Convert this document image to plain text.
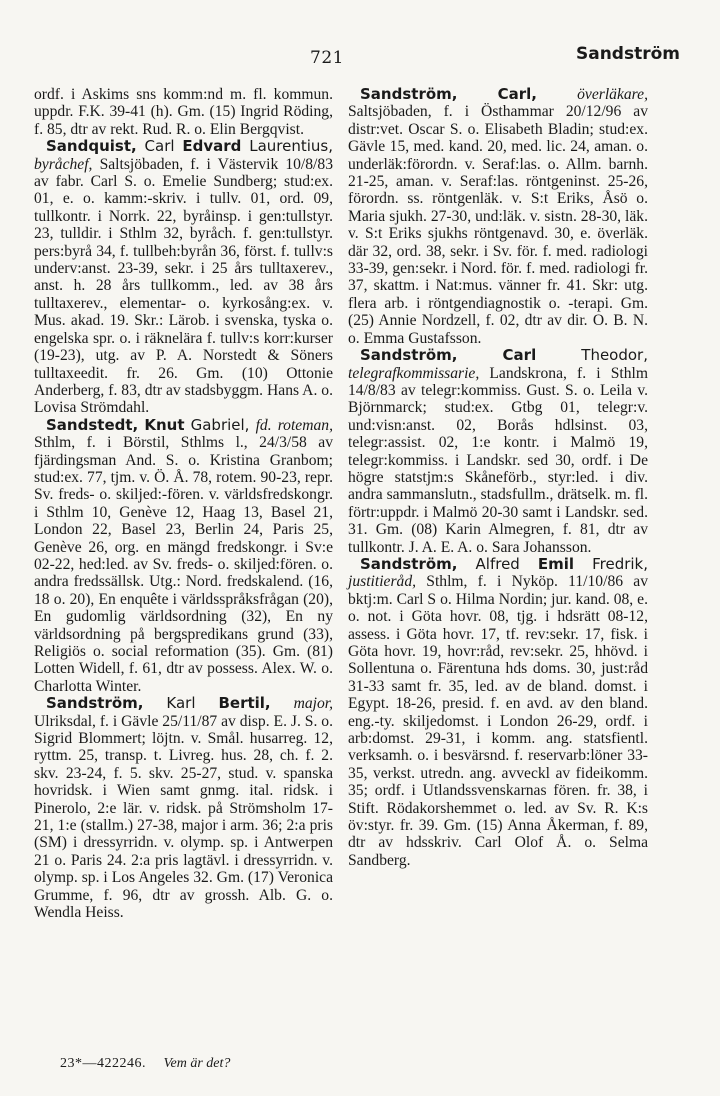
721	Sandström

ordf. i Askims sns komm:nd m. fl. kommun. uppdr. F.K. 39-41 (h). Gm. (15) Ingrid Röding, f. 85, dtr av rekt. Rud. R. o. Elin Bergqvist.

Sandquist, Carl Edvard Laurentius, byråchef, Saltsjöbaden, f. i Västervik 10/8/83 av fabr. Carl S. o. Emelie Sundberg; stud:ex. 01, e. o. kamm:-skriv. i tullv. 01, ord. 09, tullkontr. i Norrk. 22, byråinsp. i gen:tullstyr. 23, tulldir. i Sthlm 32, byråch. f. gen:tullstyr. pers:byrå 34, f. tullbeh:byrån 36, först. f. tullv:s underv:anst. 23-39, sekr. i 25 års tulltaxerev., anst. h. 28 års tullkomm., led. av 38 års tulltaxerev., elementar- o. kyrkosång:ex. v. Mus. akad. 19. Skr.: Lärob. i svenska, tyska o. engelska spr. o. i räknelära f. tullv:s korr:kurser (19-23), utg. av P. A. Norstedt & Söners tulltaxeedit. fr. 26. Gm. (10) Ottonie Anderberg, f. 83, dtr av stadsbyggm. Hans A. o. Lovisa Strömdahl.

Sandstedt, Knut Gabriel, fd. roteman, Sthlm, f. i Börstil, Sthlms l., 24/3/58 av fjärdingsman And. S. o. Kristina Granbom; stud:ex. 77, tjm. v. Ö. Å. 78, rotem. 90-23, repr. Sv. freds- o. skiljed:-fören. v. världsfredskongr. i Sthlm 10, Genève 12, Haag 13, Basel 21, London 22, Basel 23, Berlin 24, Paris 25, Genève 26, org. en mängd fredskongr. i Sv:e 02-22, hed:led. av Sv. freds- o. skiljed:fören. o. andra fredssällsk. Utg.: Nord. fredskalend. (16, 18 o. 20), En enquête i världsspråksfrågan (20), En gudomlig världsordning (32), En ny världsordning på bergspredikans grund (33), Religiös o. social reformation (35). Gm. (81) Lotten Widell, f. 61, dtr av possess. Alex. W. o. Charlotta Winter.

Sandström, Karl Bertil, major, Ulriksdal, f. i Gävle 25/11/87 av disp. E. J. S. o. Sigrid Blommert; löjtn. v. Smål. husarreg. 12, ryttm. 25, transp. t. Livreg. hus. 28, ch. f. 2. skv. 23-24, f. 5. skv. 25-27, stud. v. spanska hovridsk. i Wien samt gnmg. ital. ridsk. i Pinerolo, 2:e lär. v. ridsk. på Strömsholm 17-21, 1:e (stallm.) 27-38, major i arm. 36; 2:a pris (SM) i dressyrridn. v. olymp. sp. i Antwerpen 21 o. Paris 24. 2:a pris lagtävl. i dressyrridn. v. olymp. sp. i Los Angeles 32. Gm. (17) Veronica Grumme, f. 96, dtr av grossh. Alb. G. o. Wendla Heiss.

Sandström,	Carl,	överläkare, Saltsjöbaden, f. i Östhammar 20/12/96 av distr:vet. Oscar S. o. Elisabeth Bladin; stud:ex. Gävle 15, med. kand. 20, med. lic. 24, aman. o. underläk:förordn. v. Seraf:las. o. Allm. barnh. 21-25, aman. v. Seraf:las. röntgeninst. 25-26, förordn. ss. röntgenläk. v. S:t Eriks, Åsö o. Maria sjukh. 27-30, und:läk. v. sistn. 28-30, läk. v. S:t Eriks sjukhs röntgenavd. 30, e. överläk. där 32, ord. 38, sekr. i Sv. för. f. med. radiologi 33-39, gen:sekr. i Nord. för. f. med. radiologi fr. 37, skattm. i Nat:mus. vänner fr. 41. Skr: utg. flera arb. i röntgendiagnostik o. -terapi. Gm. (25) Annie Nordzell, f. 02, dtr av dir. O. B. N. o. Emma Gustafsson.

Sandström,	Carl	Theodor, telegrafkommissarie, Landskrona, f. i Sthlm 14/8/83 av telegr:kommiss. Gust. S. o. Leila v. Björnmarck; stud:ex. Gtbg 01, telegr:v. und:visn:anst. 02, Borås hdlsinst. 03, telegr:assist. 02, 1:e kontr. i Malmö 19, telegr:kommiss. i Landskr. sed 30, ordf. i De högre statstjm:s Skåneförb., styr:led. i div. andra sammanslutn., stadsfullm., drätselk. m. fl. förtr:uppdr. i Malmö 20-30 samt i Landskr. sed. 31. Gm. (08) Karin Almegren, f. 81, dtr av tullkontr. J. A. E. A. o. Sara Johansson.

Sandström, Alfred Emil Fredrik, justitieråd, Sthlm, f. i Nyköp. 11/10/86 av bktj:m. Carl S o. Hilma Nordin; jur. kand. 08, e. o. not. i Göta hovr. 08, tjg. i hdsrätt 08-12, assess. i Göta hovr. 17, tf. rev:sekr. 17, fisk. i Göta hovr. 19, hovr:råd, rev:sekr. 25, hhövd. i Sollentuna o. Färentuna hds doms. 30, just:råd 31-33 samt fr. 35, led. av de bland. domst. i Egypt. 18-26, presid. f. en avd. av den bland. eng.-ty. skiljedomst. i London 26-29, ordf. i arb:domst. 29-31, i komm. ang. statsfientl. verksamh. o. i besvärsnd. f. reservarb:löner 33-35, verkst. utredn. ang. avveckl av fideikomm. 35; ordf. i Utlandssvenskarnas fören. fr. 38, i Stift. Rödakorshemmet o. led. av Sv. R. K:s öv:styr. fr. 39. Gm. (15) Anna Åkerman, f. 89, dtr av hdsskriv. Carl Olof Å. o. Selma Sandberg.

23*—422246. Vem är det?
